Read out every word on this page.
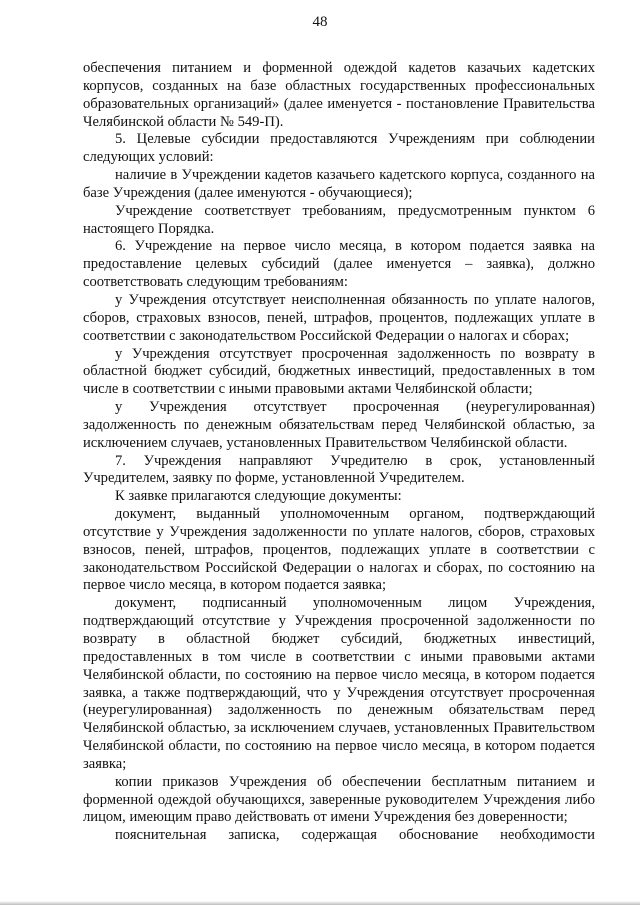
48

обеспечения питанием и форменной одеждой кадетов казачьих кадетских корпусов, созданных на базе областных государственных профессиональных образовательных организаций» (далее именуется - постановление Правительства Челябинской области № 549-П).

5. Целевые субсидии предоставляются Учреждениям при соблюдении следующих условий:

наличие в Учреждении кадетов казачьего кадетского корпуса, созданного на базе Учреждения (далее именуются - обучающиеся);

Учреждение соответствует требованиям, предусмотренным пунктом 6 настоящего Порядка.

6. Учреждение на первое число месяца, в котором подается заявка на предоставление целевых субсидий (далее именуется – заявка), должно соответствовать следующим требованиям:

у Учреждения отсутствует неисполненная обязанность по уплате налогов, сборов, страховых взносов, пеней, штрафов, процентов, подлежащих уплате в соответствии с законодательством Российской Федерации о налогах и сборах;

у Учреждения отсутствует просроченная задолженность по возврату в областной бюджет субсидий, бюджетных инвестиций, предоставленных в том числе в соответствии с иными правовыми актами Челябинской области;

у Учреждения отсутствует просроченная (неурегулированная) задолженность по денежным обязательствам перед Челябинской областью, за исключением случаев, установленных Правительством Челябинской области.

7. Учреждения направляют Учредителю в срок, установленный Учредителем, заявку по форме, установленной Учредителем.

К заявке прилагаются следующие документы:

документ, выданный уполномоченным органом, подтверждающий отсутствие у Учреждения задолженности по уплате налогов, сборов, страховых взносов, пеней, штрафов, процентов, подлежащих уплате в соответствии с законодательством Российской Федерации о налогах и сборах, по состоянию на первое число месяца, в котором подается заявка;

документ, подписанный уполномоченным лицом Учреждения, подтверждающий отсутствие у Учреждения просроченной задолженности по возврату в областной бюджет субсидий, бюджетных инвестиций, предоставленных в том числе в соответствии с иными правовыми актами Челябинской области, по состоянию на первое число месяца, в котором подается заявка, а также подтверждающий, что у Учреждения отсутствует просроченная (неурегулированная) задолженность по денежным обязательствам перед Челябинской областью, за исключением случаев, установленных Правительством Челябинской области, по состоянию на первое число месяца, в котором подается заявка;

копии приказов Учреждения об обеспечении бесплатным питанием и форменной одеждой обучающихся, заверенные руководителем Учреждения либо лицом, имеющим право действовать от имени Учреждения без доверенности;

пояснительная записка, содержащая обоснование необходимости
